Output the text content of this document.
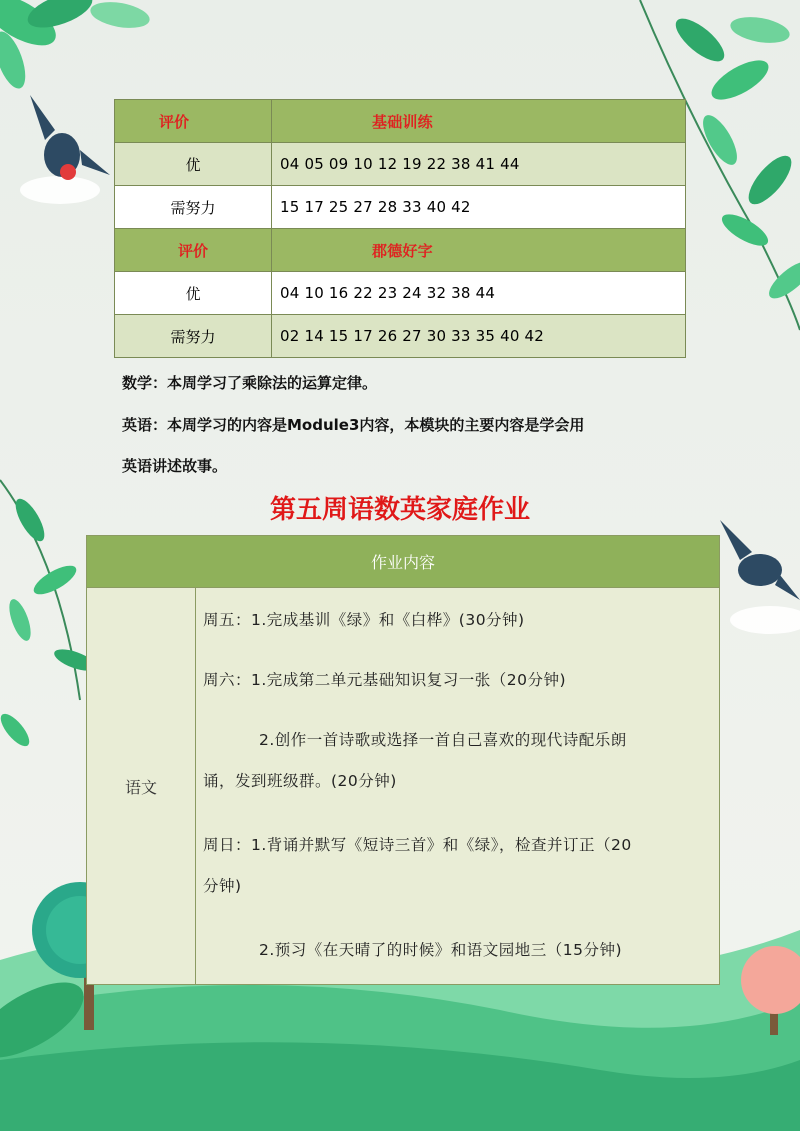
评价	基础训练
优	04 05 09 10 12 19 22 38 41 44
需努力	15 17 25 27 28 33 40 42
评价	郡德好字
优	04 10 16 22 23 24 32 38 44
需努力	02 14 15 17 26 27 30 33 35 40 42
数学：本周学习了乘除法的运算定律。
英语：本周学习的内容是Module3内容，本模块的主要内容是学会用
英语讲述故事。
第五周语数英家庭作业
作业内容
语文
周五：1.完成基训《绿》和《白桦》(30分钟)
周六：1.完成第二单元基础知识复习一张（20分钟)
2.创作一首诗歌或选择一首自己喜欢的现代诗配乐朗
诵，发到班级群。(20分钟)
周日：1.背诵并默写《短诗三首》和《绿》，检查并订正（20
分钟)
2.预习《在天晴了的时候》和语文园地三（15分钟)
